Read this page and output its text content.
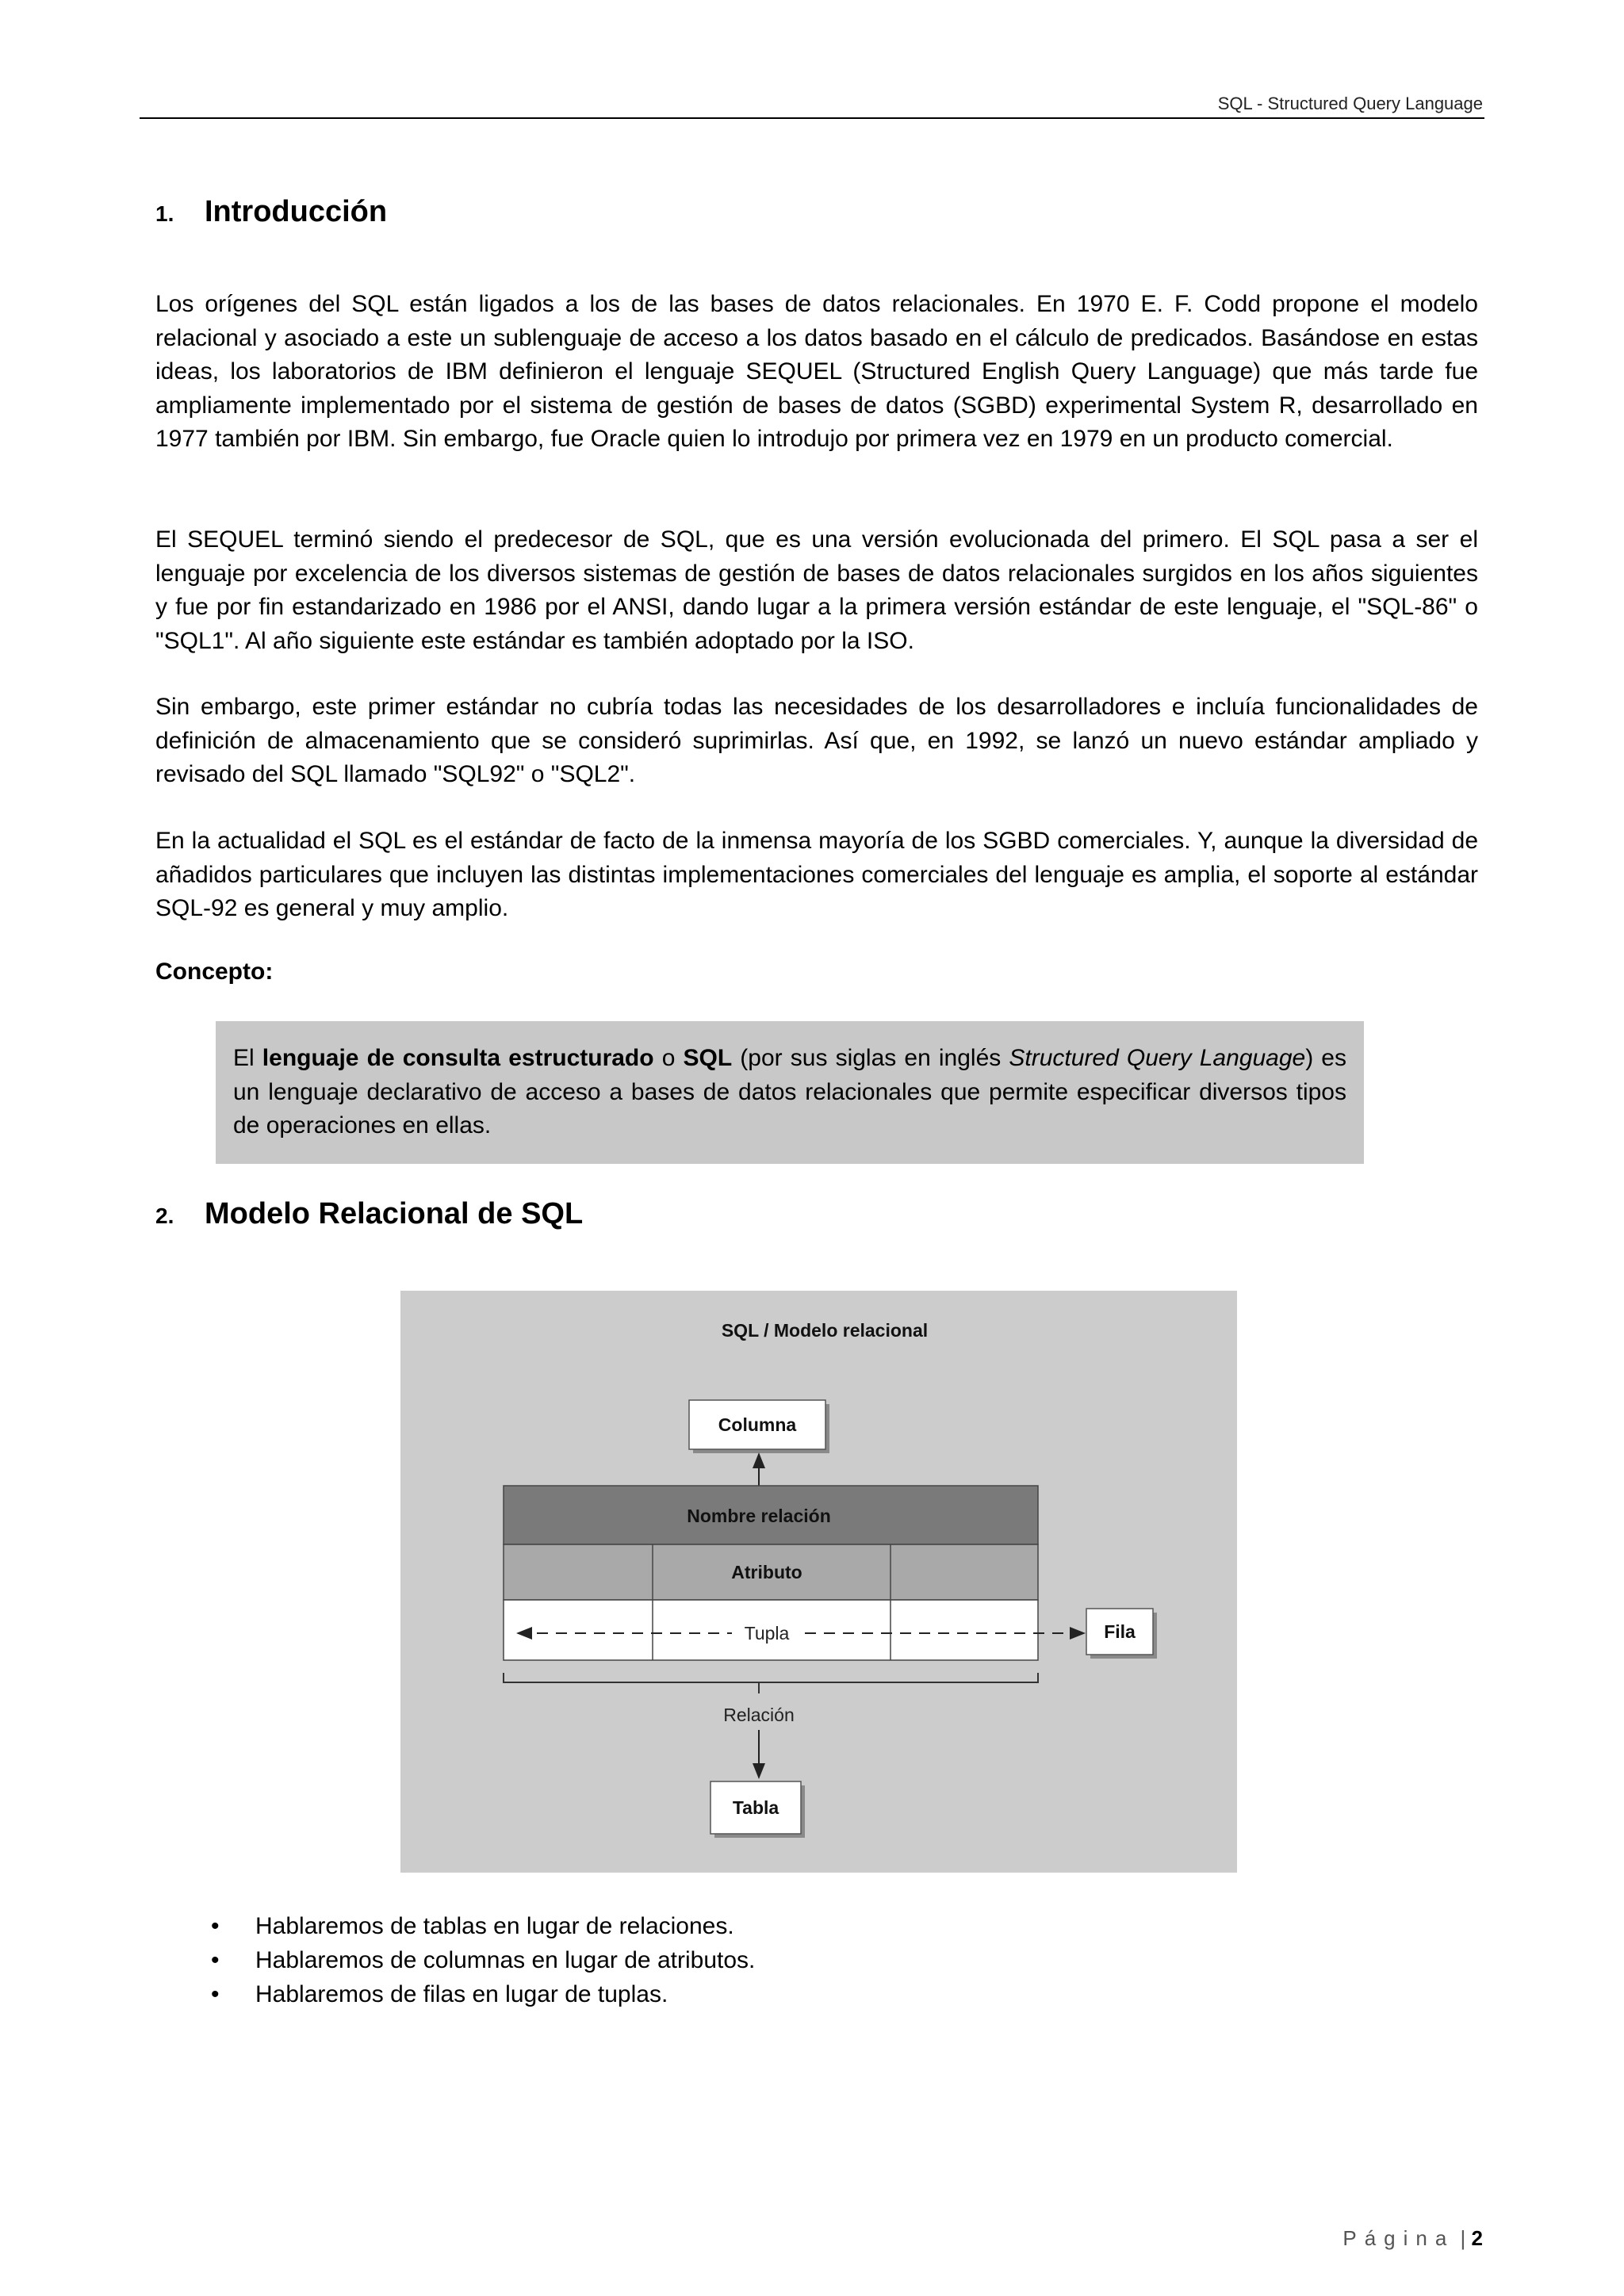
SQL - Structured Query Language
1. Introducción

Los orígenes del SQL están ligados a los de las bases de datos relacionales. En 1970 E. F. Codd propone el modelo relacional y asociado a este un sublenguaje de acceso a los datos basado en el cálculo de predicados. Basándose en estas ideas, los laboratorios de IBM definieron el lenguaje SEQUEL (Structured English Query Language) que más tarde fue ampliamente implementado por el sistema de gestión de bases de datos (SGBD) experimental System R, desarrollado en 1977 también por IBM. Sin embargo, fue Oracle quien lo introdujo por primera vez en 1979 en un producto comercial.

El SEQUEL terminó siendo el predecesor de SQL, que es una versión evolucionada del primero. El SQL pasa a ser el lenguaje por excelencia de los diversos sistemas de gestión de bases de datos relacionales surgidos en los años siguientes y fue por fin estandarizado en 1986 por el ANSI, dando lugar a la primera versión estándar de este lenguaje, el "SQL-86" o "SQL1". Al año siguiente este estándar es también adoptado por la ISO.

Sin embargo, este primer estándar no cubría todas las necesidades de los desarrolladores e incluía funcionalidades de definición de almacenamiento que se consideró suprimirlas. Así que, en 1992, se lanzó un nuevo estándar ampliado y revisado del SQL llamado "SQL92" o "SQL2".

En la actualidad el SQL es el estándar de facto de la inmensa mayoría de los SGBD comerciales. Y, aunque la diversidad de añadidos particulares que incluyen las distintas implementaciones comerciales del lenguaje es amplia, el soporte al estándar SQL-92 es general y muy amplio.

Concepto:

El lenguaje de consulta estructurado o SQL (por sus siglas en inglés Structured Query Language) es un lenguaje declarativo de acceso a bases de datos relacionales que permite especificar diversos tipos de operaciones en ellas.

2. Modelo Relacional de SQL
SQL / Modelo relacional
Columna
Nombre relación
Atributo
Tupla	Fila
Relación
Tabla
• Hablaremos de tablas en lugar de relaciones.
• Hablaremos de columnas en lugar de atributos.
• Hablaremos de filas en lugar de tuplas.
Página | 2
